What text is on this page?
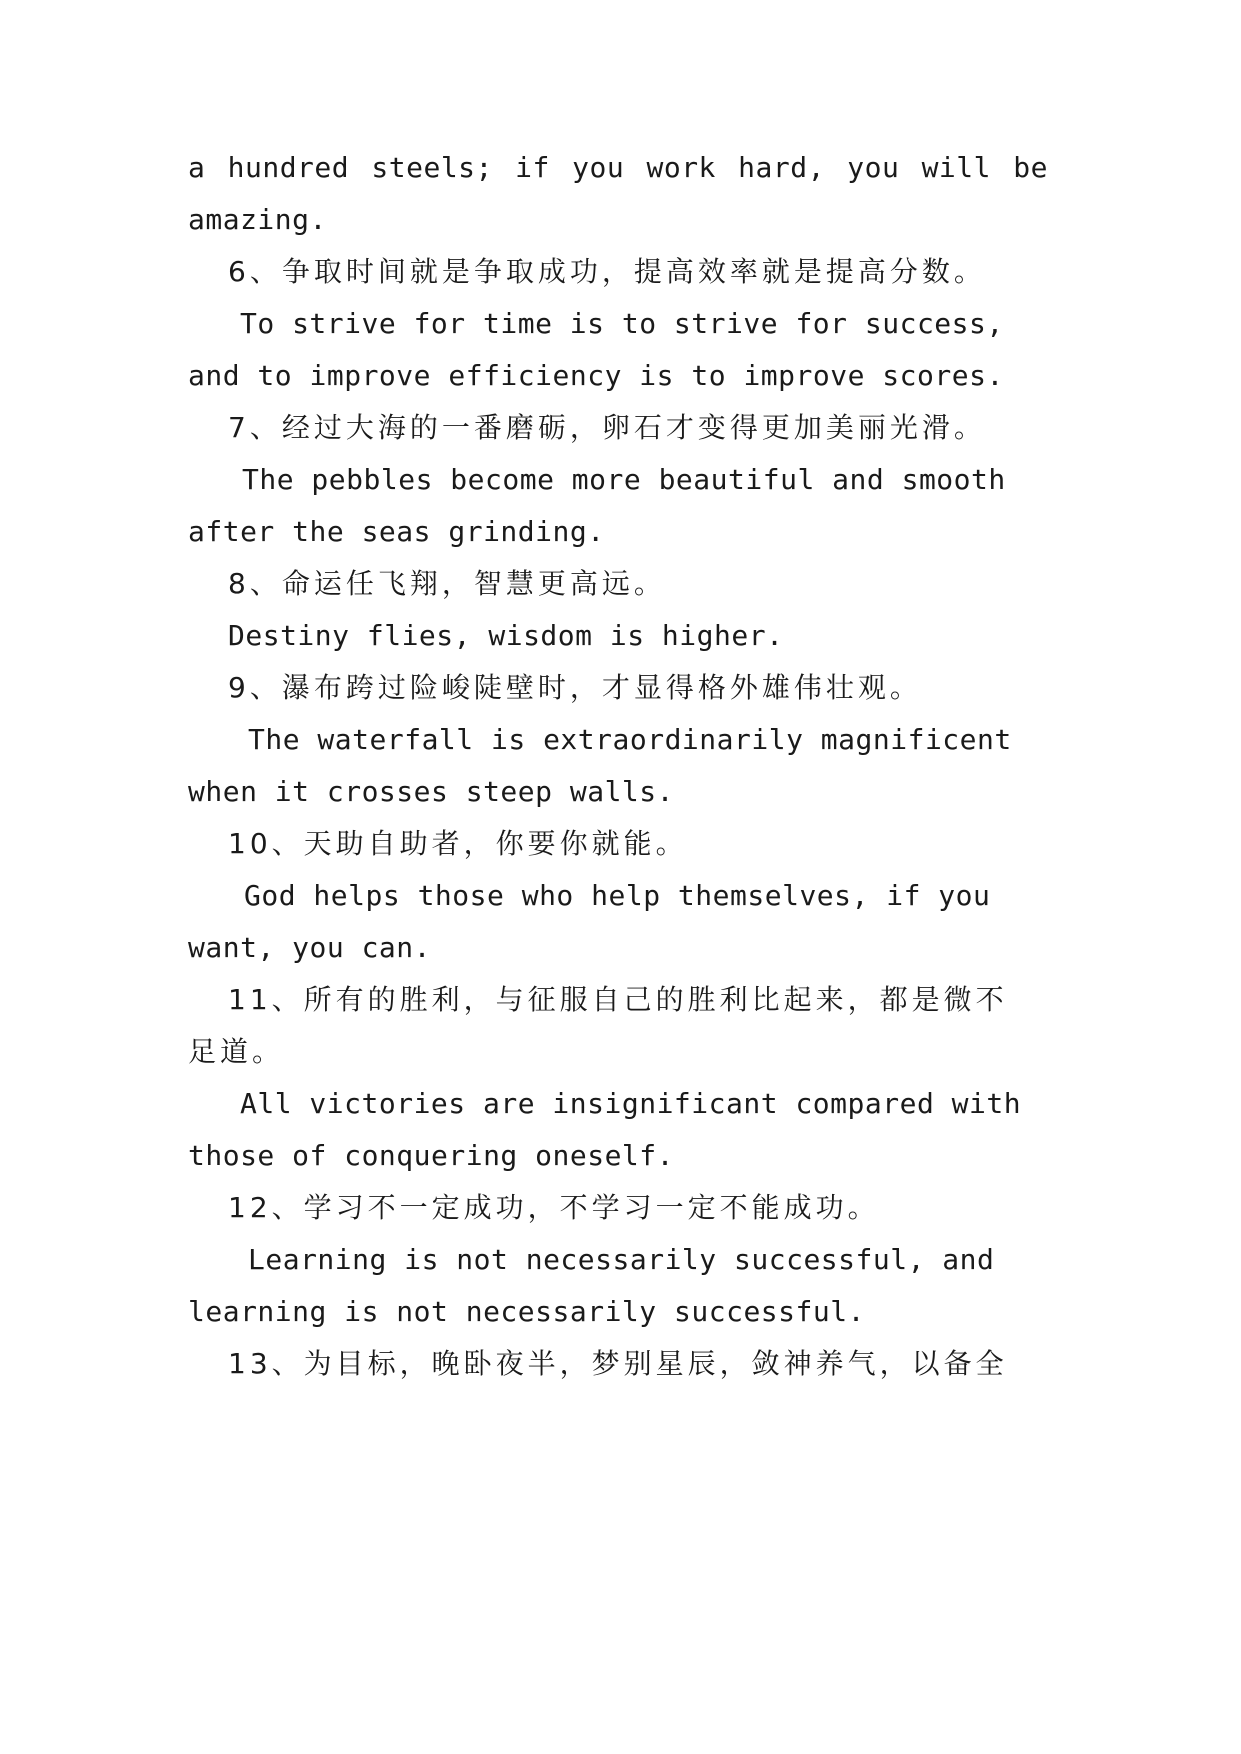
a hundred steels; if you work hard, you will be
amazing.
6、争取时间就是争取成功，提高效率就是提高分数。
To strive for time is to strive for success,
and to improve efficiency is to improve scores.
7、经过大海的一番磨砺，卵石才变得更加美丽光滑。
The pebbles become more beautiful and smooth
after the seas grinding.
8、命运任飞翔，智慧更高远。
Destiny flies, wisdom is higher.
9、瀑布跨过险峻陡壁时，才显得格外雄伟壮观。
The waterfall is extraordinarily magnificent
when it crosses steep walls.
10、天助自助者，你要你就能。
God helps those who help themselves, if you
want, you can.
11、所有的胜利，与征服自己的胜利比起来，都是微不
足道。
All victories are insignificant compared with
those of conquering oneself.
12、学习不一定成功，不学习一定不能成功。
Learning is not necessarily successful, and
learning is not necessarily successful.
13、为目标，晚卧夜半，梦别星辰，敛神养气，以备全
